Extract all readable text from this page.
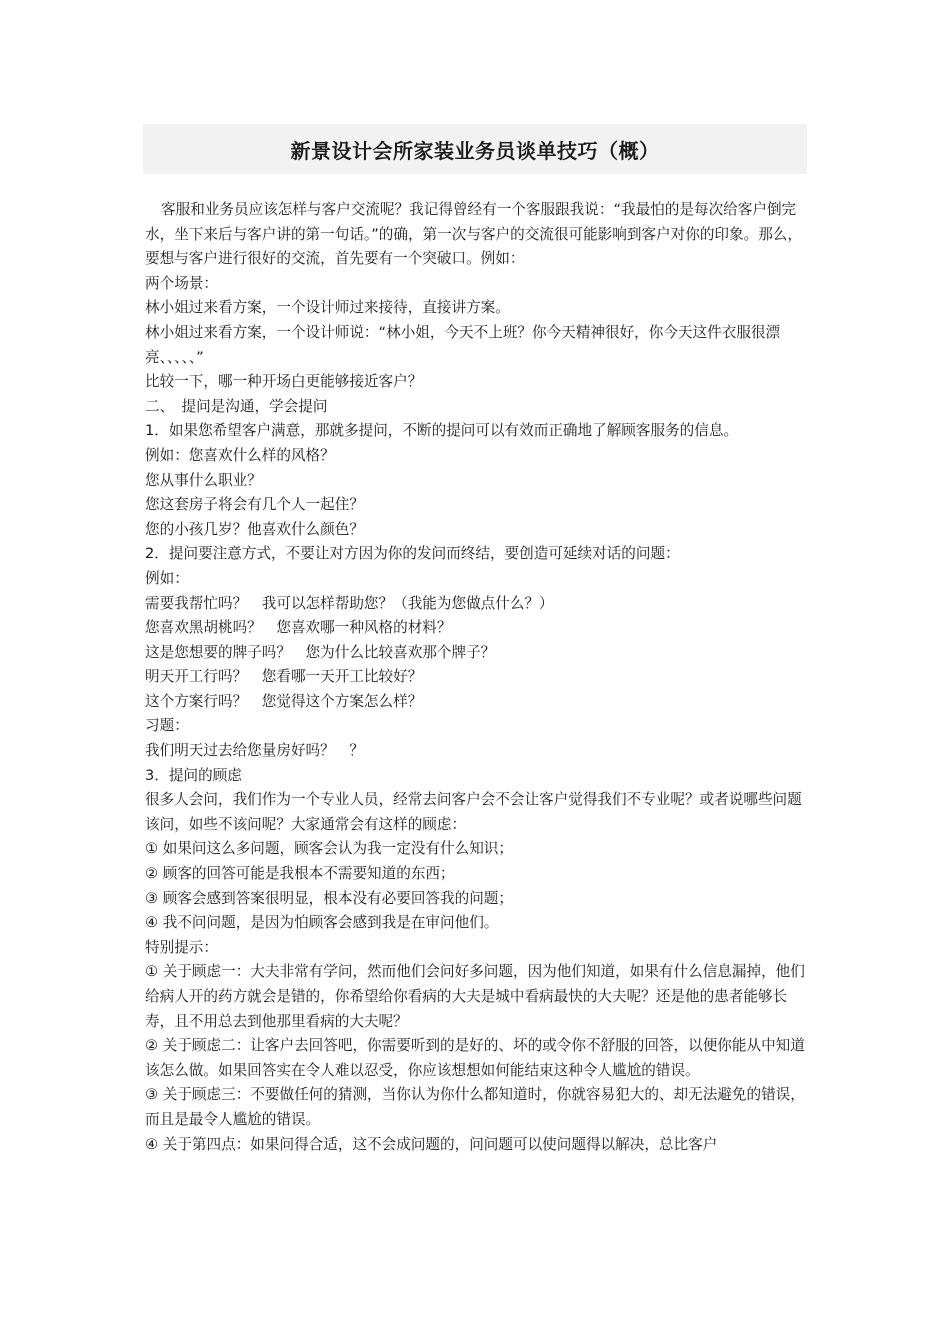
新景设计会所家装业务员谈单技巧（概）

客服和业务员应该怎样与客户交流呢？我记得曾经有一个客服跟我说：“我最怕的是每次给客户倒完水，坐下来后与客户讲的第一句话。”的确，第一次与客户的交流很可能影响到客户对你的印象。那么，要想与客户进行很好的交流，首先要有一个突破口。例如：

两个场景：

林小姐过来看方案，一个设计师过来接待，直接讲方案。

林小姐过来看方案，一个设计师说：“林小姐，今天不上班？你今天精神很好，你今天这件衣服很漂亮、、、、、”

比较一下，哪一种开场白更能够接近客户？

二、　提问是沟通，学会提问

1．如果您希望客户满意，那就多提问，不断的提问可以有效而正确地了解顾客服务的信息。

例如：您喜欢什么样的风格？

您从事什么职业？

您这套房子将会有几个人一起住？

您的小孩几岁？他喜欢什么颜色？

2．提问要注意方式，不要让对方因为你的发问而终结，要创造可延续对话的问题：

例如：

需要我帮忙吗？　我可以怎样帮助您？（我能为您做点什么？）

您喜欢黑胡桃吗？　您喜欢哪一种风格的材料？

这是您想要的牌子吗？　您为什么比较喜欢那个牌子？

明天开工行吗？　您看哪一天开工比较好？

这个方案行吗？　您觉得这个方案怎么样？

习题：

我们明天过去给您量房好吗？　？

3．提问的顾虑

很多人会问，我们作为一个专业人员，经常去问客户会不会让客户觉得我们不专业呢？或者说哪些问题该问，如些不该问呢？大家通常会有这样的顾虑：

① 如果问这么多问题，顾客会认为我一定没有什么知识；

② 顾客的回答可能是我根本不需要知道的东西；

③ 顾客会感到答案很明显，根本没有必要回答我的问题；

④ 我不问问题，是因为怕顾客会感到我是在审问他们。

特别提示：

① 关于顾虑一：大夫非常有学问，然而他们会问好多问题，因为他们知道，如果有什么信息漏掉，他们给病人开的药方就会是错的，你希望给你看病的大夫是城中看病最快的大夫呢？还是他的患者能够长寿，且不用总去到他那里看病的大夫呢？

② 关于顾虑二：让客户去回答吧，你需要听到的是好的、坏的或令你不舒服的回答，以便你能从中知道该怎么做。如果回答实在令人难以忍受，你应该想想如何能结束这种令人尴尬的错误。

③ 关于顾虑三：不要做任何的猜测，当你认为你什么都知道时，你就容易犯大的、却无法避免的错误，而且是最令人尴尬的错误。

④ 关于第四点：如果问得合适，这不会成问题的，问问题可以使问题得以解决，总比客户
